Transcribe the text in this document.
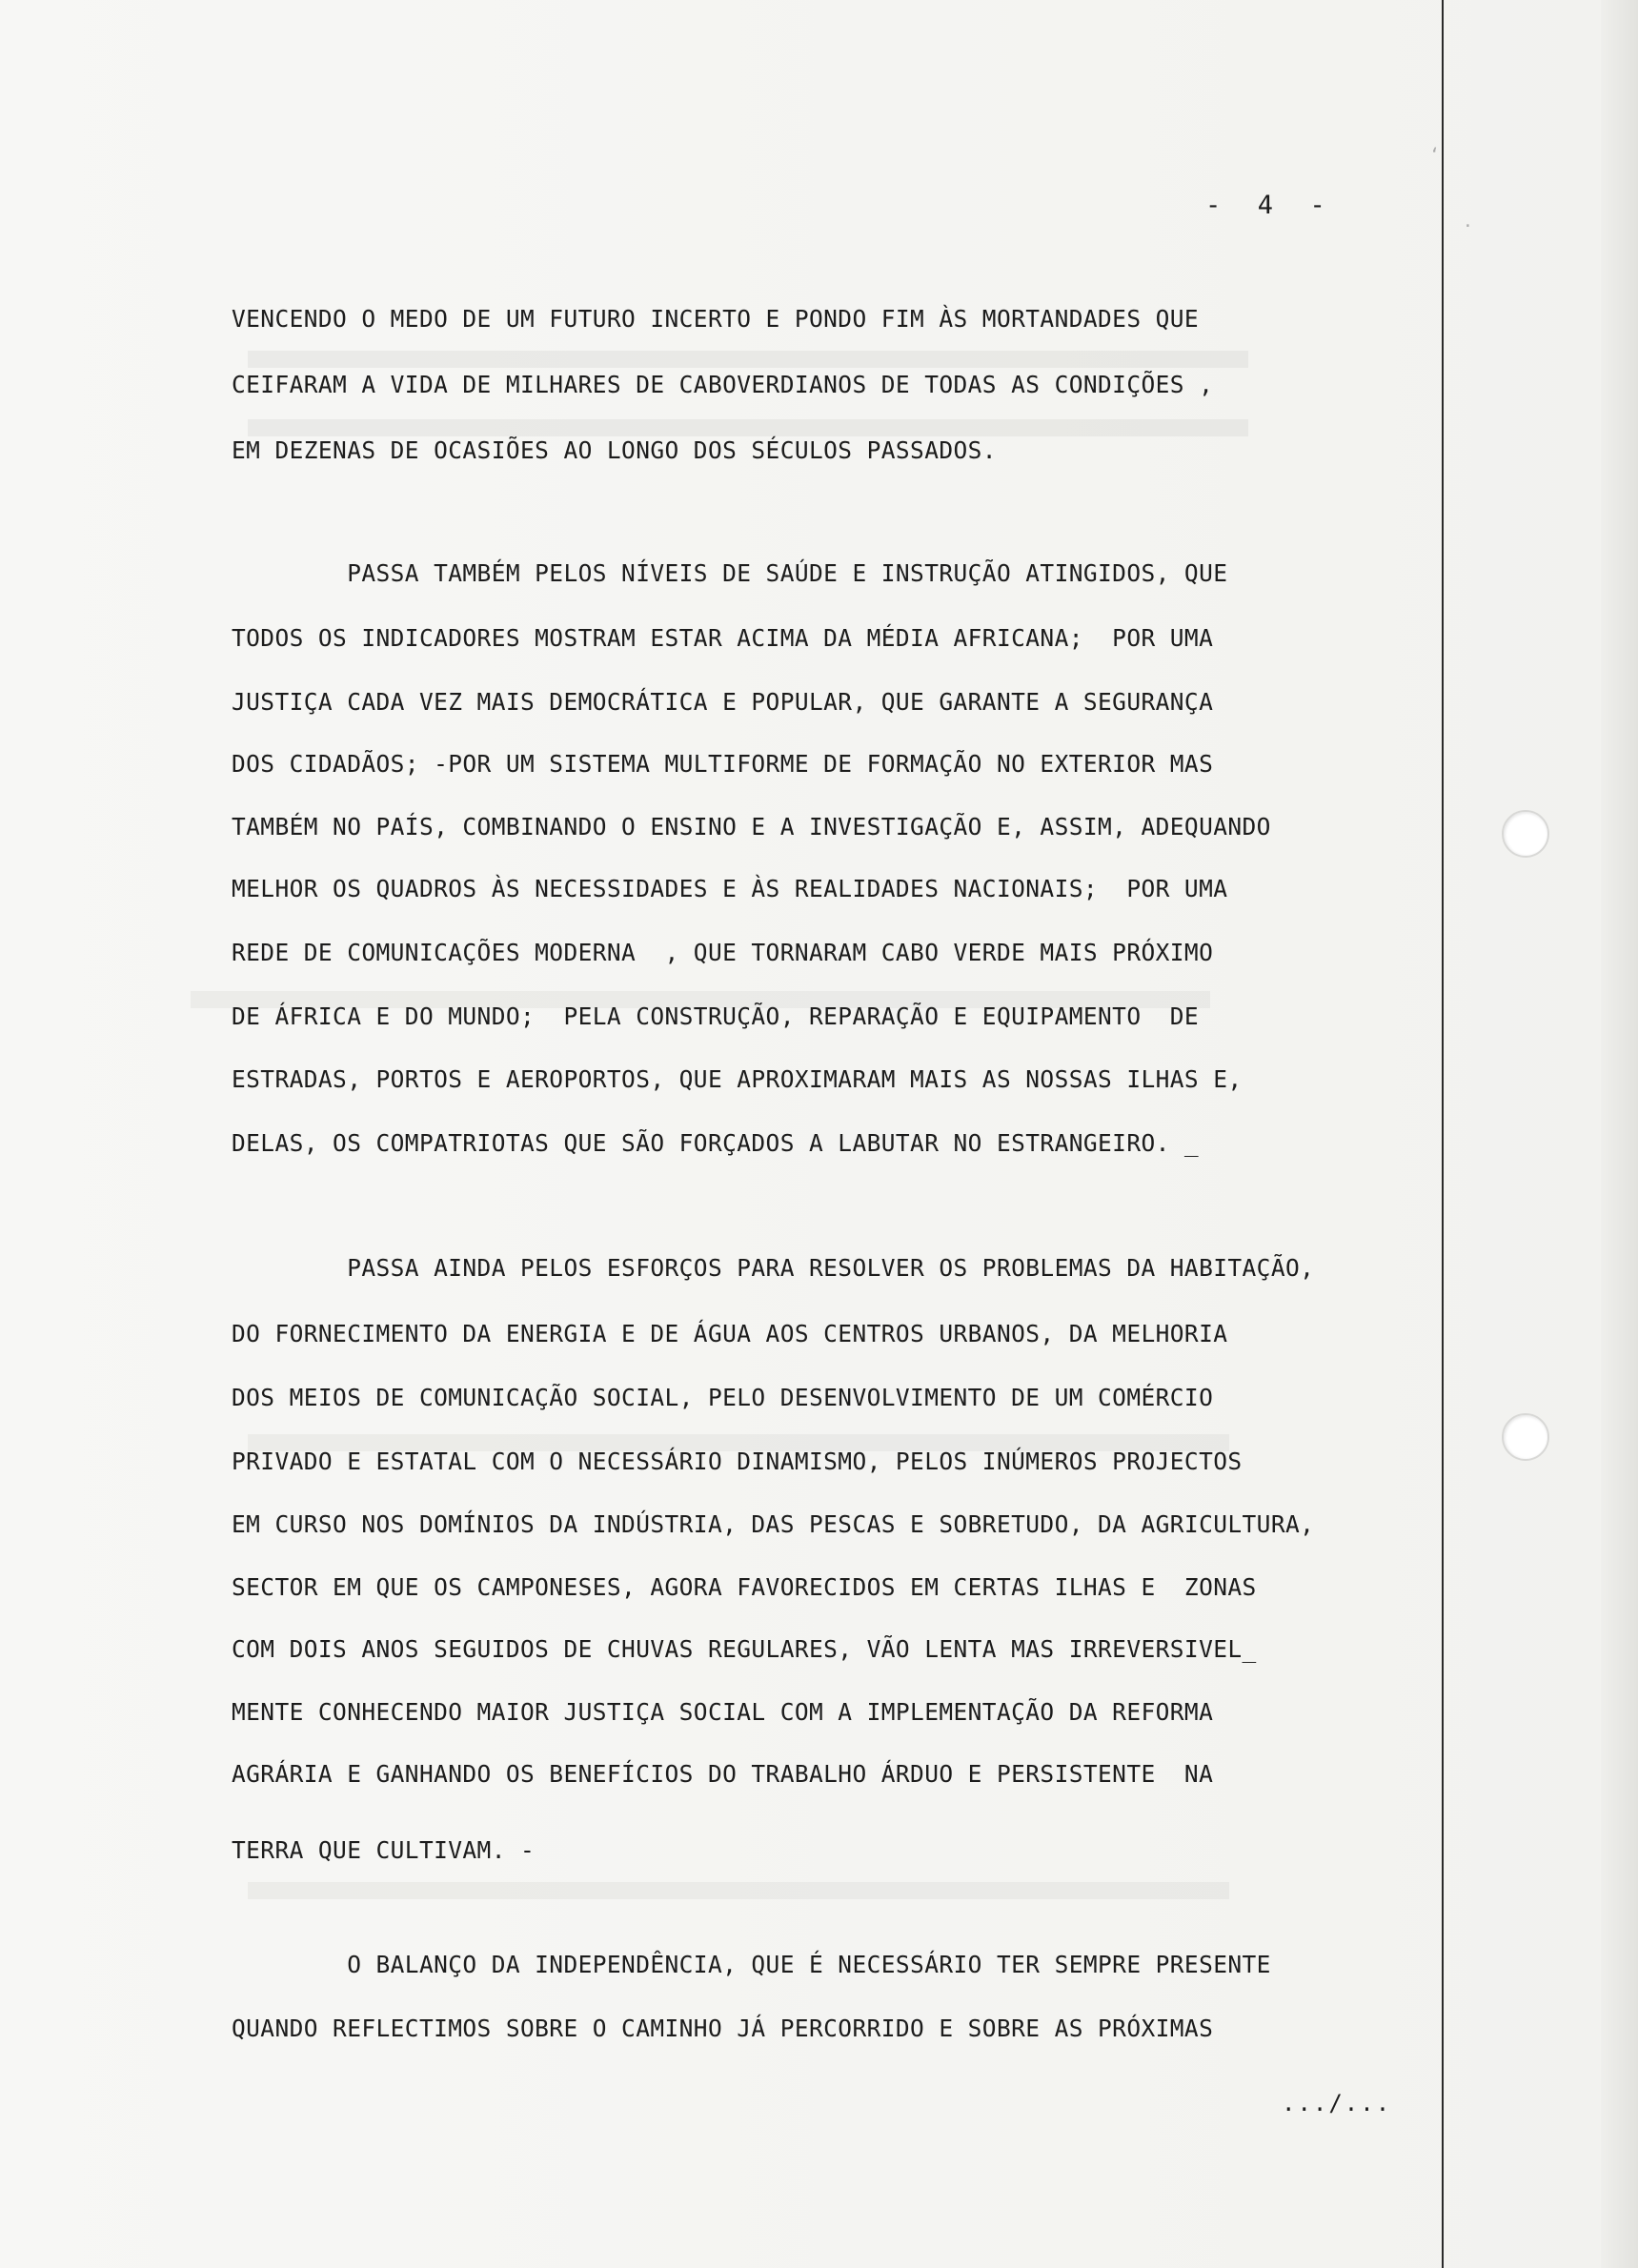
‘
·
-  4  -
VENCENDO O MEDO DE UM FUTURO INCERTO E PONDO FIM ÀS MORTANDADES QUE
CEIFARAM A VIDA DE MILHARES DE CABOVERDIANOS DE TODAS AS CONDIÇÕES ,
EM DEZENAS DE OCASIÕES AO LONGO DOS SÉCULOS PASSADOS.
PASSA TAMBÉM PELOS NÍVEIS DE SAÚDE E INSTRUÇÃO ATINGIDOS, QUE
TODOS OS INDICADORES MOSTRAM ESTAR ACIMA DA MÉDIA AFRICANA;  POR UMA
JUSTIÇA CADA VEZ MAIS DEMOCRÁTICA E POPULAR, QUE GARANTE A SEGURANÇA
DOS CIDADÃOS; -POR UM SISTEMA MULTIFORME DE FORMAÇÃO NO EXTERIOR MAS
TAMBÉM NO PAÍS, COMBINANDO O ENSINO E A INVESTIGAÇÃO E, ASSIM, ADEQUANDO
MELHOR OS QUADROS ÀS NECESSIDADES E ÀS REALIDADES NACIONAIS;  POR UMA
REDE DE COMUNICAÇÕES MODERNA  , QUE TORNARAM CABO VERDE MAIS PRÓXIMO
DE ÁFRICA E DO MUNDO;  PELA CONSTRUÇÃO, REPARAÇÃO E EQUIPAMENTO  DE
ESTRADAS, PORTOS E AEROPORTOS, QUE APROXIMARAM MAIS AS NOSSAS ILHAS E,
DELAS, OS COMPATRIOTAS QUE SÃO FORÇADOS A LABUTAR NO ESTRANGEIRO. _
PASSA AINDA PELOS ESFORÇOS PARA RESOLVER OS PROBLEMAS DA HABITAÇÃO,
DO FORNECIMENTO DA ENERGIA E DE ÁGUA AOS CENTROS URBANOS, DA MELHORIA
DOS MEIOS DE COMUNICAÇÃO SOCIAL, PELO DESENVOLVIMENTO DE UM COMÉRCIO
PRIVADO E ESTATAL COM O NECESSÁRIO DINAMISMO, PELOS INÚMEROS PROJECTOS
EM CURSO NOS DOMÍNIOS DA INDÚSTRIA, DAS PESCAS E SOBRETUDO, DA AGRICULTURA,
SECTOR EM QUE OS CAMPONESES, AGORA FAVORECIDOS EM CERTAS ILHAS E  ZONAS
COM DOIS ANOS SEGUIDOS DE CHUVAS REGULARES, VÃO LENTA MAS IRREVERSIVEL_
MENTE CONHECENDO MAIOR JUSTIÇA SOCIAL COM A IMPLEMENTAÇÃO DA REFORMA
AGRÁRIA E GANHANDO OS BENEFÍCIOS DO TRABALHO ÁRDUO E PERSISTENTE  NA
TERRA QUE CULTIVAM. -
O BALANÇO DA INDEPENDÊNCIA, QUE É NECESSÁRIO TER SEMPRE PRESENTE
QUANDO REFLECTIMOS SOBRE O CAMINHO JÁ PERCORRIDO E SOBRE AS PRÓXIMAS
.../...
